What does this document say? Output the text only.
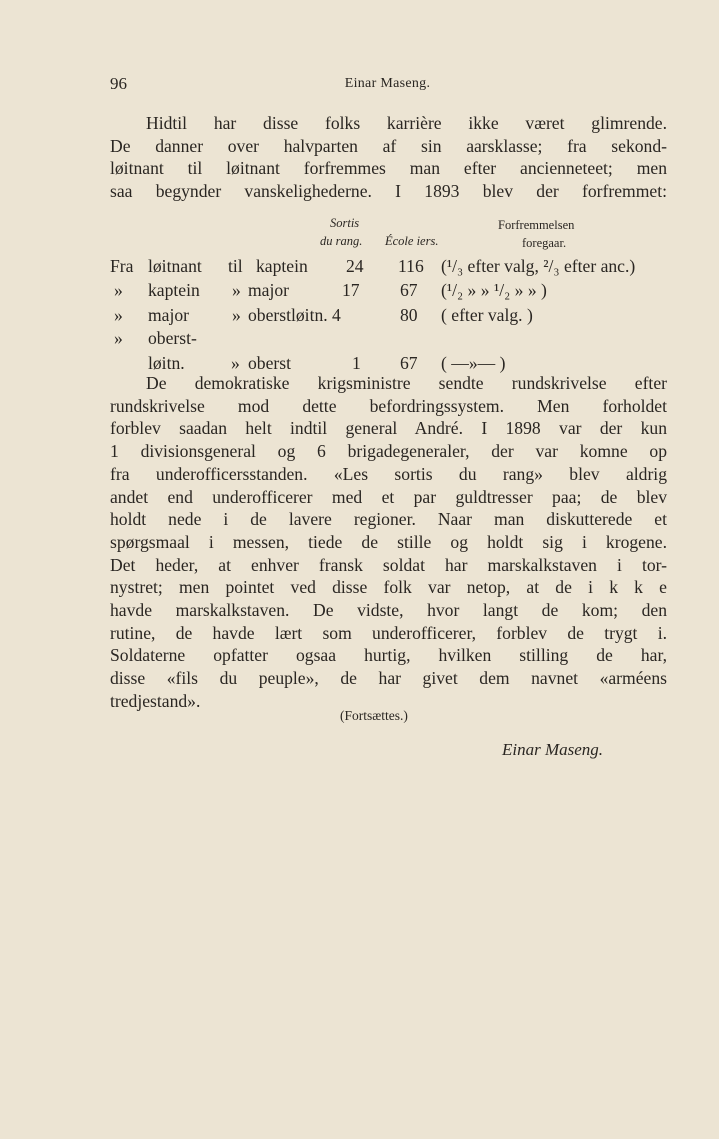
96	Einar Maseng.
Hidtil har disse folks karrière ikke været glimrende.
De danner over halvparten af sin aarsklasse; fra sekond-
løitnant til løitnant forfremmes man efter ancienneteet; men
saa begynder vanskelighederne. I 1893 blev der forfremmet:
Sortis
du rang. École iers.
Forfremmelsen
foregaar.
Fra løitnant til kaptein 24 116 (¹/₃ efter valg, ²/₃ efter anc.)
» kaptein » major	17 67 (¹/₂ » » ¹/₂ » » )
» major » oberstløitn. 4	80 ( efter valg. )
» oberst-
løitn.	» oberst	1 67 ( —»— )
De demokratiske krigsministre sendte rundskrivelse efter
rundskrivelse mod dette befordringssystem. Men forholdet
forblev saadan helt indtil general André. I 1898 var der kun
1 divisionsgeneral og 6 brigadegeneraler, der var komne op
fra underofficersstanden. «Les sortis du rang» blev aldrig
andet end underofficerer med et par guldtresser paa; de blev
holdt nede i de lavere regioner. Naar man diskutterede et
spørgsmaal i messen, tiede de stille og holdt sig i krogene.
Det heder, at enhver fransk soldat har marskalkstaven i tor-
nystret; men pointet ved disse folk var netop, at de i k k e
havde marskalkstaven. De vidste, hvor langt de kom; den
rutine, de havde lært som underofficerer, forblev de trygt i.
Soldaterne opfatter ogsaa hurtig, hvilken stilling de har,
disse «fils du peuple», de har givet dem navnet «arméens
tredjestand».
(Fortsættes.)
Einar Maseng.
